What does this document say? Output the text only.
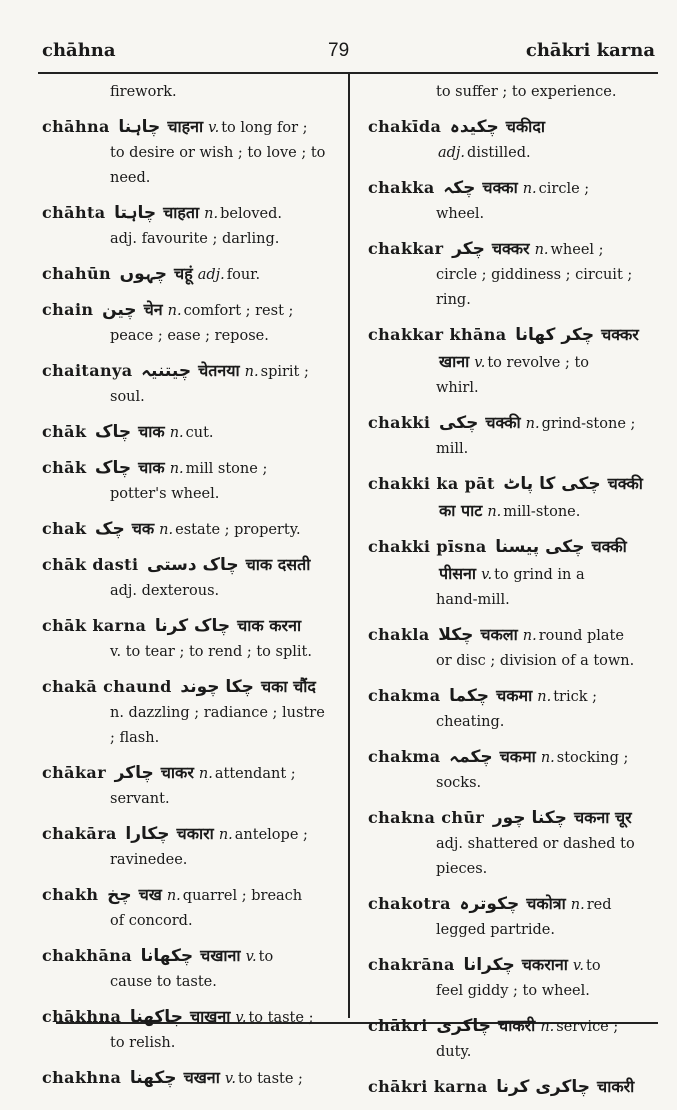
chāhna	79	chākri karna
firework.
chāhna چاہنا चाहना v. to long for ;
to desire or wish ; to love ; to
need.
chāhta چاہتا चाहता n. beloved.
adj. favourite ; darling.
chahūn چہوں चहूं adj. four.
chain چین चेन n. comfort ; rest ;
peace ; ease ; repose.
chaitanya چیتنیہ चेतनया n. spirit ;
soul.
chāk چاک चाक n. cut.
chāk چاک चाक n. mill stone ;
potter's wheel.
chak چک चक n. estate ; property.
chāk dasti چاک دستی चाक दसती
adj. dexterous.
chāk karna چاک کرنا चाक करना
v. to tear ; to rend ; to split.
chakā chaund چکا چوند चका चौंद
n. dazzling ; radiance ; lustre
; flash.
chākar چاکر चाकर n. attendant ;
servant.
chakāra چکارا चकारा n. antelope ;
ravinedee.
chakh چخ चख n. quarrel ; breach
of concord.
chakhāna چکھانا चखाना v. to
cause to taste.
chākhna چاکھنا चाखना v. to taste ;
to relish.
chakhna چکھنا चखना v. to taste ;
to suffer ; to experience.
chakīda چکیدہ चकीदा
adj. distilled.
chakka چکہ चक्का n. circle ;
wheel.
chakkar چکر चक्कर n. wheel ;
circle ; giddiness ; circuit ;
ring.
chakkar khāna چکر کھانا चक्कर
खाना v. to revolve ; to
whirl.
chakki چکی चक्की n. grind-stone ;
mill.
chakki ka pāt چکی کا پاٹ चक्की
का पाट n. mill-stone.
chakki pīsna چکی پیسنا चक्की
पीसना v. to grind in a
hand-mill.
chakla چکلا चकला n. round plate
or disc ; division of a town.
chakma چکما चकमा n. trick ;
cheating.
chakma چکمہ चकमा n. stocking ;
socks.
chakna chūr چکنا چور चकना चूर
adj. shattered or dashed to
pieces.
chakotra چکوترہ चकोत्रा n. red
legged partride.
chakrāna چکرانا चकराना v. to
feel giddy ; to wheel.
chākri چاکری चाकरी n. service ;
duty.
chākri karna چاکری کرنا चाकरी
